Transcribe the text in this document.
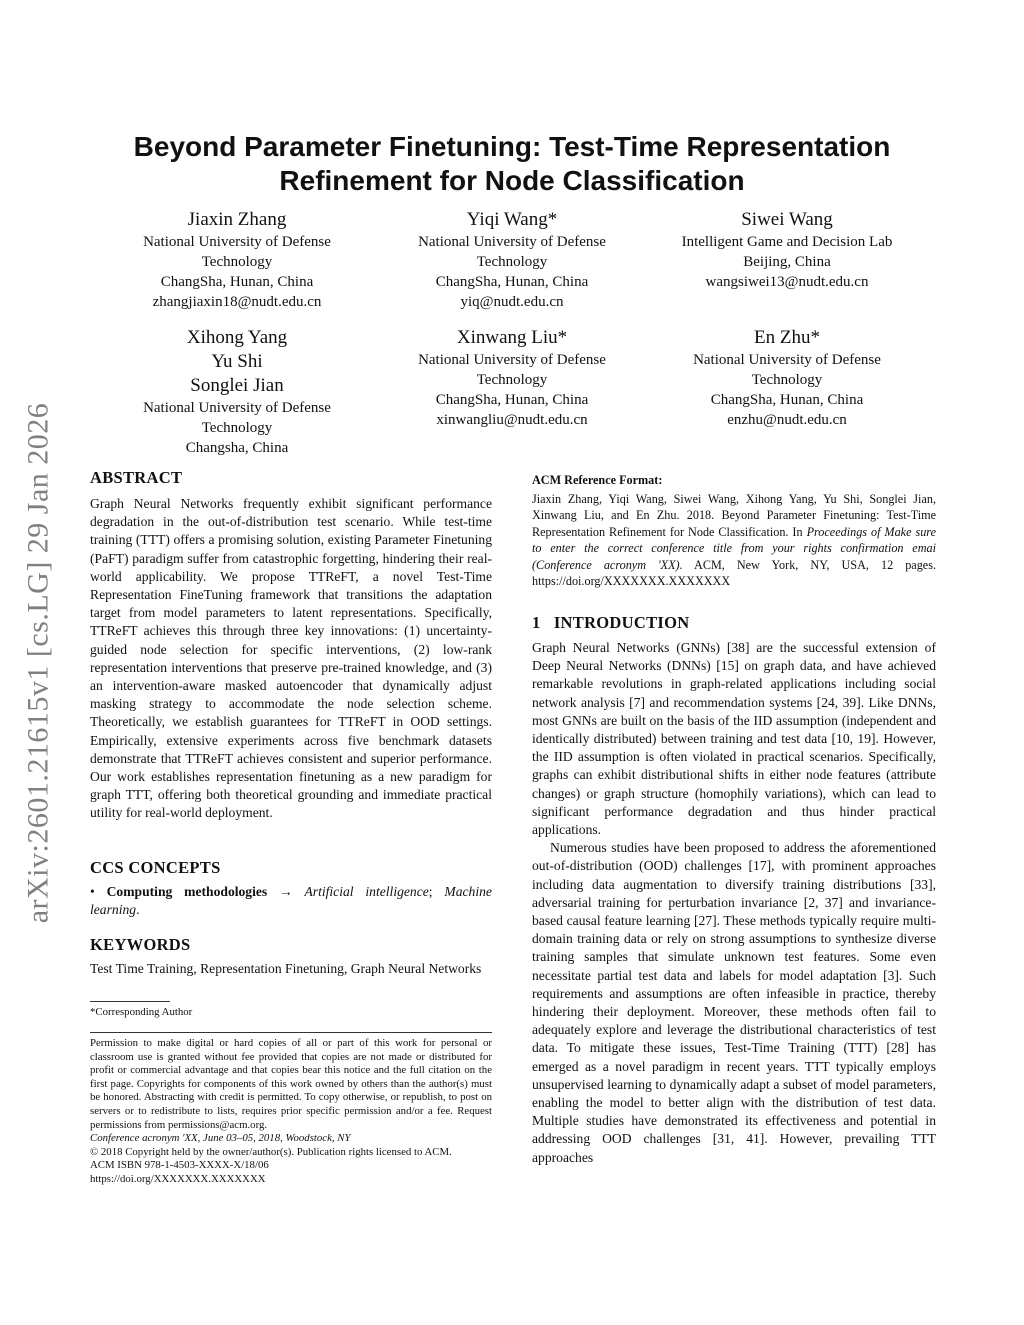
arXiv:2601.21615v1 [cs.LG] 29 Jan 2026
Beyond Parameter Finetuning: Test-Time Representation
Refinement for Node Classification
Jiaxin Zhang
National University of Defense
Technology
ChangSha, Hunan, China
zhangjiaxin18@nudt.edu.cn
Yiqi Wang*
National University of Defense
Technology
ChangSha, Hunan, China
yiq@nudt.edu.cn
Siwei Wang
Intelligent Game and Decision Lab
Beijing, China
wangsiwei13@nudt.edu.cn
Xihong Yang
Yu Shi
Songlei Jian
National University of Defense
Technology
Changsha, China
Xinwang Liu*
National University of Defense
Technology
ChangSha, Hunan, China
xinwangliu@nudt.edu.cn
En Zhu*
National University of Defense
Technology
ChangSha, Hunan, China
enzhu@nudt.edu.cn
ABSTRACT

Graph Neural Networks frequently exhibit significant performance degradation in the out-of-distribution test scenario. While test-time training (TTT) offers a promising solution, existing Parameter Finetuning (PaFT) paradigm suffer from catastrophic forgetting, hindering their real-world applicability. We propose TTReFT, a novel Test-Time Representation FineTuning framework that transitions the adaptation target from model parameters to latent representations. Specifically, TTReFT achieves this through three key innovations: (1) uncertainty-guided node selection for specific interventions, (2) low-rank representation interventions that preserve pre-trained knowledge, and (3) an intervention-aware masked autoencoder that dynamically adjust masking strategy to accommodate the node selection scheme. Theoretically, we establish guarantees for TTReFT in OOD settings. Empirically, extensive experiments across five benchmark datasets demonstrate that TTReFT achieves consistent and superior performance. Our work establishes representation finetuning as a new paradigm for graph TTT, offering both theoretical grounding and immediate practical utility for real-world deployment.

CCS CONCEPTS

• Computing methodologies → Artificial intelligence; Machine learning.

KEYWORDS

Test Time Training, Representation Finetuning, Graph Neural Networks

*Corresponding Author

Permission to make digital or hard copies of all or part of this work for personal or classroom use is granted without fee provided that copies are not made or distributed for profit or commercial advantage and that copies bear this notice and the full citation on the first page. Copyrights for components of this work owned by others than the author(s) must be honored. Abstracting with credit is permitted. To copy otherwise, or republish, to post on servers or to redistribute to lists, requires prior specific permission and/or a fee. Request permissions from permissions@acm.org.

Conference acronym 'XX, June 03–05, 2018, Woodstock, NY

© 2018 Copyright held by the owner/author(s). Publication rights licensed to ACM.

ACM ISBN 978-1-4503-XXXX-X/18/06

https://doi.org/XXXXXXX.XXXXXXX

ACM Reference Format:

Jiaxin Zhang, Yiqi Wang, Siwei Wang, Xihong Yang, Yu Shi, Songlei Jian, Xinwang Liu, and En Zhu. 2018. Beyond Parameter Finetuning: Test-Time Representation Refinement for Node Classification. In Proceedings of Make sure to enter the correct conference title from your rights confirmation emai (Conference acronym 'XX). ACM, New York, NY, USA, 12 pages. https://doi.org/XXXXXXX.XXXXXXX

1   INTRODUCTION

Graph Neural Networks (GNNs) [38] are the successful extension of Deep Neural Networks (DNNs) [15] on graph data, and have achieved remarkable revolutions in graph-related applications including social network analysis [7] and recommendation systems [24, 39]. Like DNNs, most GNNs are built on the basis of the IID assumption (independent and identically distributed) between training and test data [10, 19]. However, the IID assumption is often violated in practical scenarios. Specifically, graphs can exhibit distributional shifts in either node features (attribute changes) or graph structure (homophily variations), which can lead to significant performance degradation and thus hinder practical applications.

Numerous studies have been proposed to address the aforementioned out-of-distribution (OOD) challenges [17], with prominent approaches including data augmentation to diversify training distributions [33], adversarial training for perturbation invariance [2, 37] and invariance-based causal feature learning [27]. These methods typically require multi-domain training data or rely on strong assumptions to synthesize diverse training samples that simulate unknown test features. Some even necessitate partial test data and labels for model adaptation [3]. Such requirements and assumptions are often infeasible in practice, thereby hindering their deployment. Moreover, these methods often fail to adequately explore and leverage the distributional characteristics of test data. To mitigate these issues, Test-Time Training (TTT) [28] has emerged as a novel paradigm in recent years. TTT typically employs unsupervised learning to dynamically adapt a subset of model parameters, enabling the model to better align with the distribution of test data. Multiple studies have demonstrated its effectiveness and potential in addressing OOD challenges [31, 41]. However, prevailing TTT approaches
